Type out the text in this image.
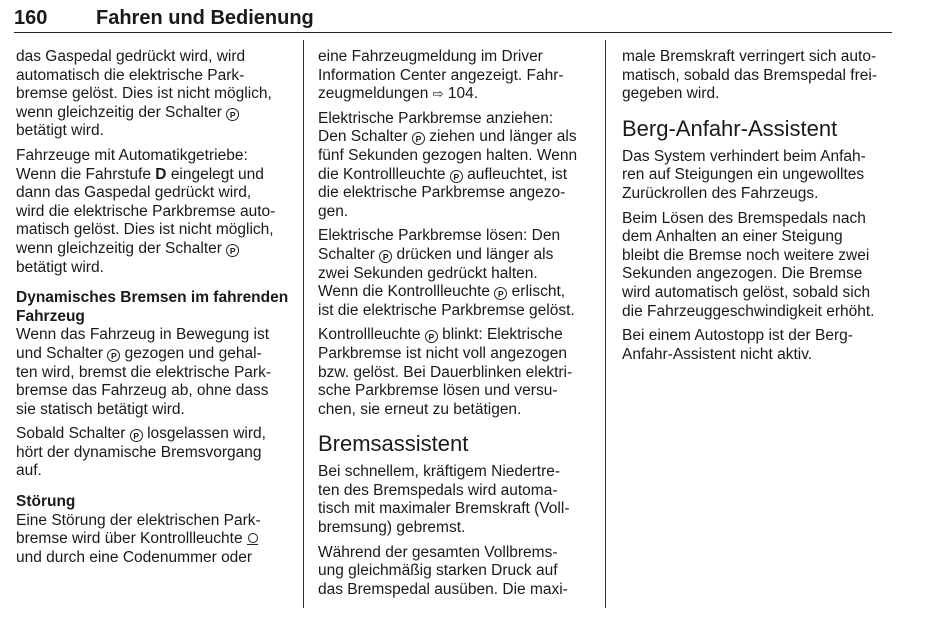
160 Fahren und Bedienung

das Gaspedal gedrückt wird, wird
automatisch die elektrische Park-
bremse gelöst. Dies ist nicht möglich,
wenn gleichzeitig der Schalter P
betätigt wird.

Fahrzeuge mit Automatikgetriebe:
Wenn die Fahrstufe D eingelegt und
dann das Gaspedal gedrückt wird,
wird die elektrische Parkbremse auto-
matisch gelöst. Dies ist nicht möglich,
wenn gleichzeitig der Schalter P
betätigt wird.

Dynamisches Bremsen im fahrenden
Fahrzeug

Wenn das Fahrzeug in Bewegung ist
und Schalter P gezogen und gehal-
ten wird, bremst die elektrische Park-
bremse das Fahrzeug ab, ohne dass
sie statisch betätigt wird.

Sobald Schalter P losgelassen wird,
hört der dynamische Bremsvorgang
auf.

Störung

Eine Störung der elektrischen Park-
bremse wird über Kontrollleuchte
und durch eine Codenummer oder

eine Fahrzeugmeldung im Driver
Information Center angezeigt. Fahr-
zeugmeldungen ⇨ 104.

Elektrische Parkbremse anziehen:
Den Schalter P ziehen und länger als
fünf Sekunden gezogen halten. Wenn
die Kontrollleuchte P aufleuchtet, ist
die elektrische Parkbremse angezo-
gen.

Elektrische Parkbremse lösen: Den
Schalter P drücken und länger als
zwei Sekunden gedrückt halten.
Wenn die Kontrollleuchte P erlischt,
ist die elektrische Parkbremse gelöst.

Kontrollleuchte P blinkt: Elektrische
Parkbremse ist nicht voll angezogen
bzw. gelöst. Bei Dauerblinken elektri-
sche Parkbremse lösen und versu-
chen, sie erneut zu betätigen.

Bremsassistent

Bei schnellem, kräftigem Niedertre-
ten des Bremspedals wird automa-
tisch mit maximaler Bremskraft (Voll-
bremsung) gebremst.

Während der gesamten Vollbrems-
ung gleichmäßig starken Druck auf
das Bremspedal ausüben. Die maxi-

male Bremskraft verringert sich auto-
matisch, sobald das Bremspedal frei-
gegeben wird.

Berg-Anfahr-Assistent

Das System verhindert beim Anfah-
ren auf Steigungen ein ungewolltes
Zurückrollen des Fahrzeugs.

Beim Lösen des Bremspedals nach
dem Anhalten an einer Steigung
bleibt die Bremse noch weitere zwei
Sekunden angezogen. Die Bremse
wird automatisch gelöst, sobald sich
die Fahrzeuggeschwindigkeit erhöht.

Bei einem Autostopp ist der Berg-
Anfahr-Assistent nicht aktiv.
